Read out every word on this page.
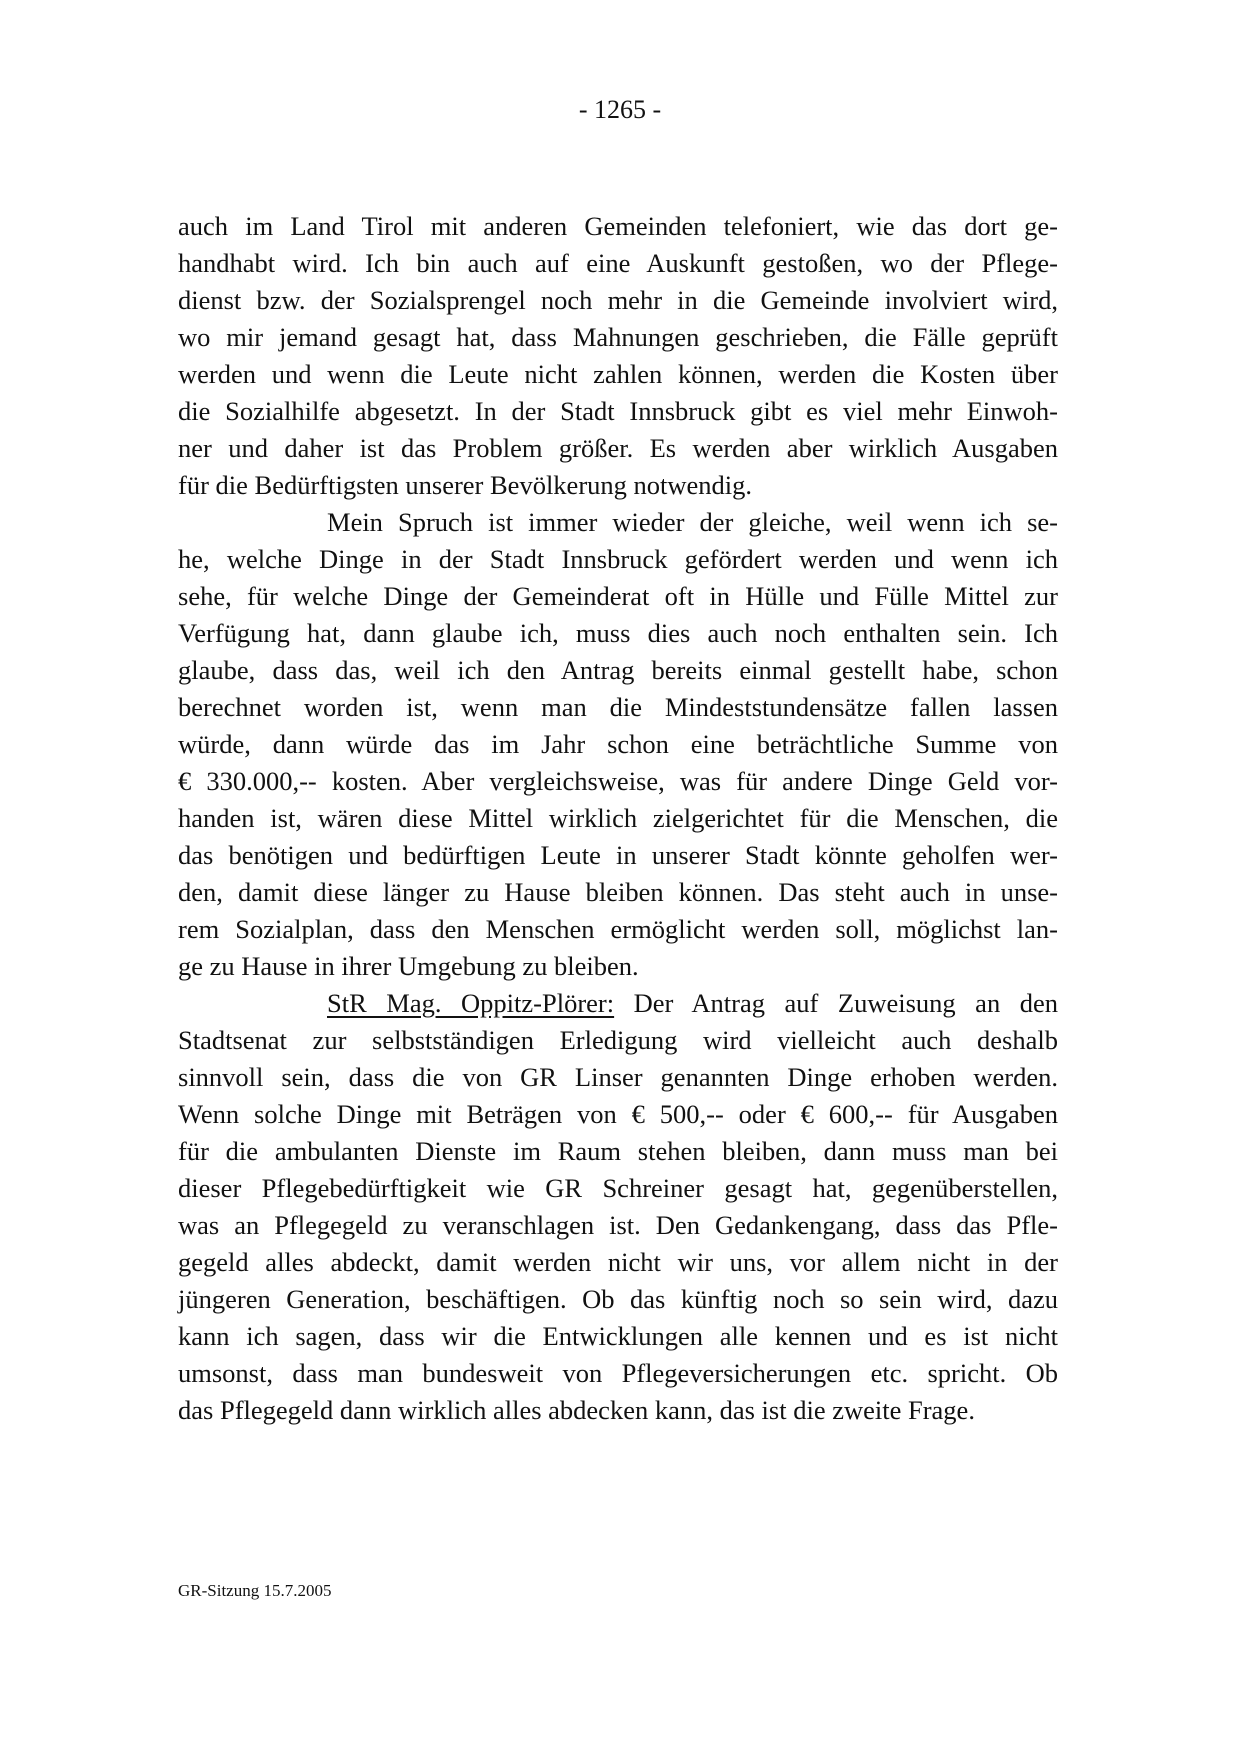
- 1265 -
auch im Land Tirol mit anderen Gemeinden telefoniert, wie das dort ge-
handhabt wird. Ich bin auch auf eine Auskunft gestoßen, wo der Pflege-
dienst bzw. der Sozialsprengel noch mehr in die Gemeinde involviert wird,
wo mir jemand gesagt hat, dass Mahnungen geschrieben, die Fälle geprüft
werden und wenn die Leute nicht zahlen können, werden die Kosten über
die Sozialhilfe abgesetzt. In der Stadt Innsbruck gibt es viel mehr Einwoh-
ner und daher ist das Problem größer. Es werden aber wirklich Ausgaben
für die Bedürftigsten unserer Bevölkerung notwendig.
Mein Spruch ist immer wieder der gleiche, weil wenn ich se-
he, welche Dinge in der Stadt Innsbruck gefördert werden und wenn ich
sehe, für welche Dinge der Gemeinderat oft in Hülle und Fülle Mittel zur
Verfügung hat, dann glaube ich, muss dies auch noch enthalten sein. Ich
glaube, dass das, weil ich den Antrag bereits einmal gestellt habe, schon
berechnet worden ist, wenn man die Mindeststundensätze fallen lassen
würde, dann würde das im Jahr schon eine beträchtliche Summe von
€ 330.000,-- kosten. Aber vergleichsweise, was für andere Dinge Geld vor-
handen ist, wären diese Mittel wirklich zielgerichtet für die Menschen, die
das benötigen und bedürftigen Leute in unserer Stadt könnte geholfen wer-
den, damit diese länger zu Hause bleiben können. Das steht auch in unse-
rem Sozialplan, dass den Menschen ermöglicht werden soll, möglichst lan-
ge zu Hause in ihrer Umgebung zu bleiben.
StR Mag. Oppitz-Plörer: Der Antrag auf Zuweisung an den
Stadtsenat zur selbstständigen Erledigung wird vielleicht auch deshalb
sinnvoll sein, dass die von GR Linser genannten Dinge erhoben werden.
Wenn solche Dinge mit Beträgen von € 500,-- oder € 600,-- für Ausgaben
für die ambulanten Dienste im Raum stehen bleiben, dann muss man bei
dieser Pflegebedürftigkeit wie GR Schreiner gesagt hat, gegenüberstellen,
was an Pflegegeld zu veranschlagen ist. Den Gedankengang, dass das Pfle-
gegeld alles abdeckt, damit werden nicht wir uns, vor allem nicht in der
jüngeren Generation, beschäftigen. Ob das künftig noch so sein wird, dazu
kann ich sagen, dass wir die Entwicklungen alle kennen und es ist nicht
umsonst, dass man bundesweit von Pflegeversicherungen etc. spricht. Ob
das Pflegegeld dann wirklich alles abdecken kann, das ist die zweite Frage.
GR-Sitzung 15.7.2005
